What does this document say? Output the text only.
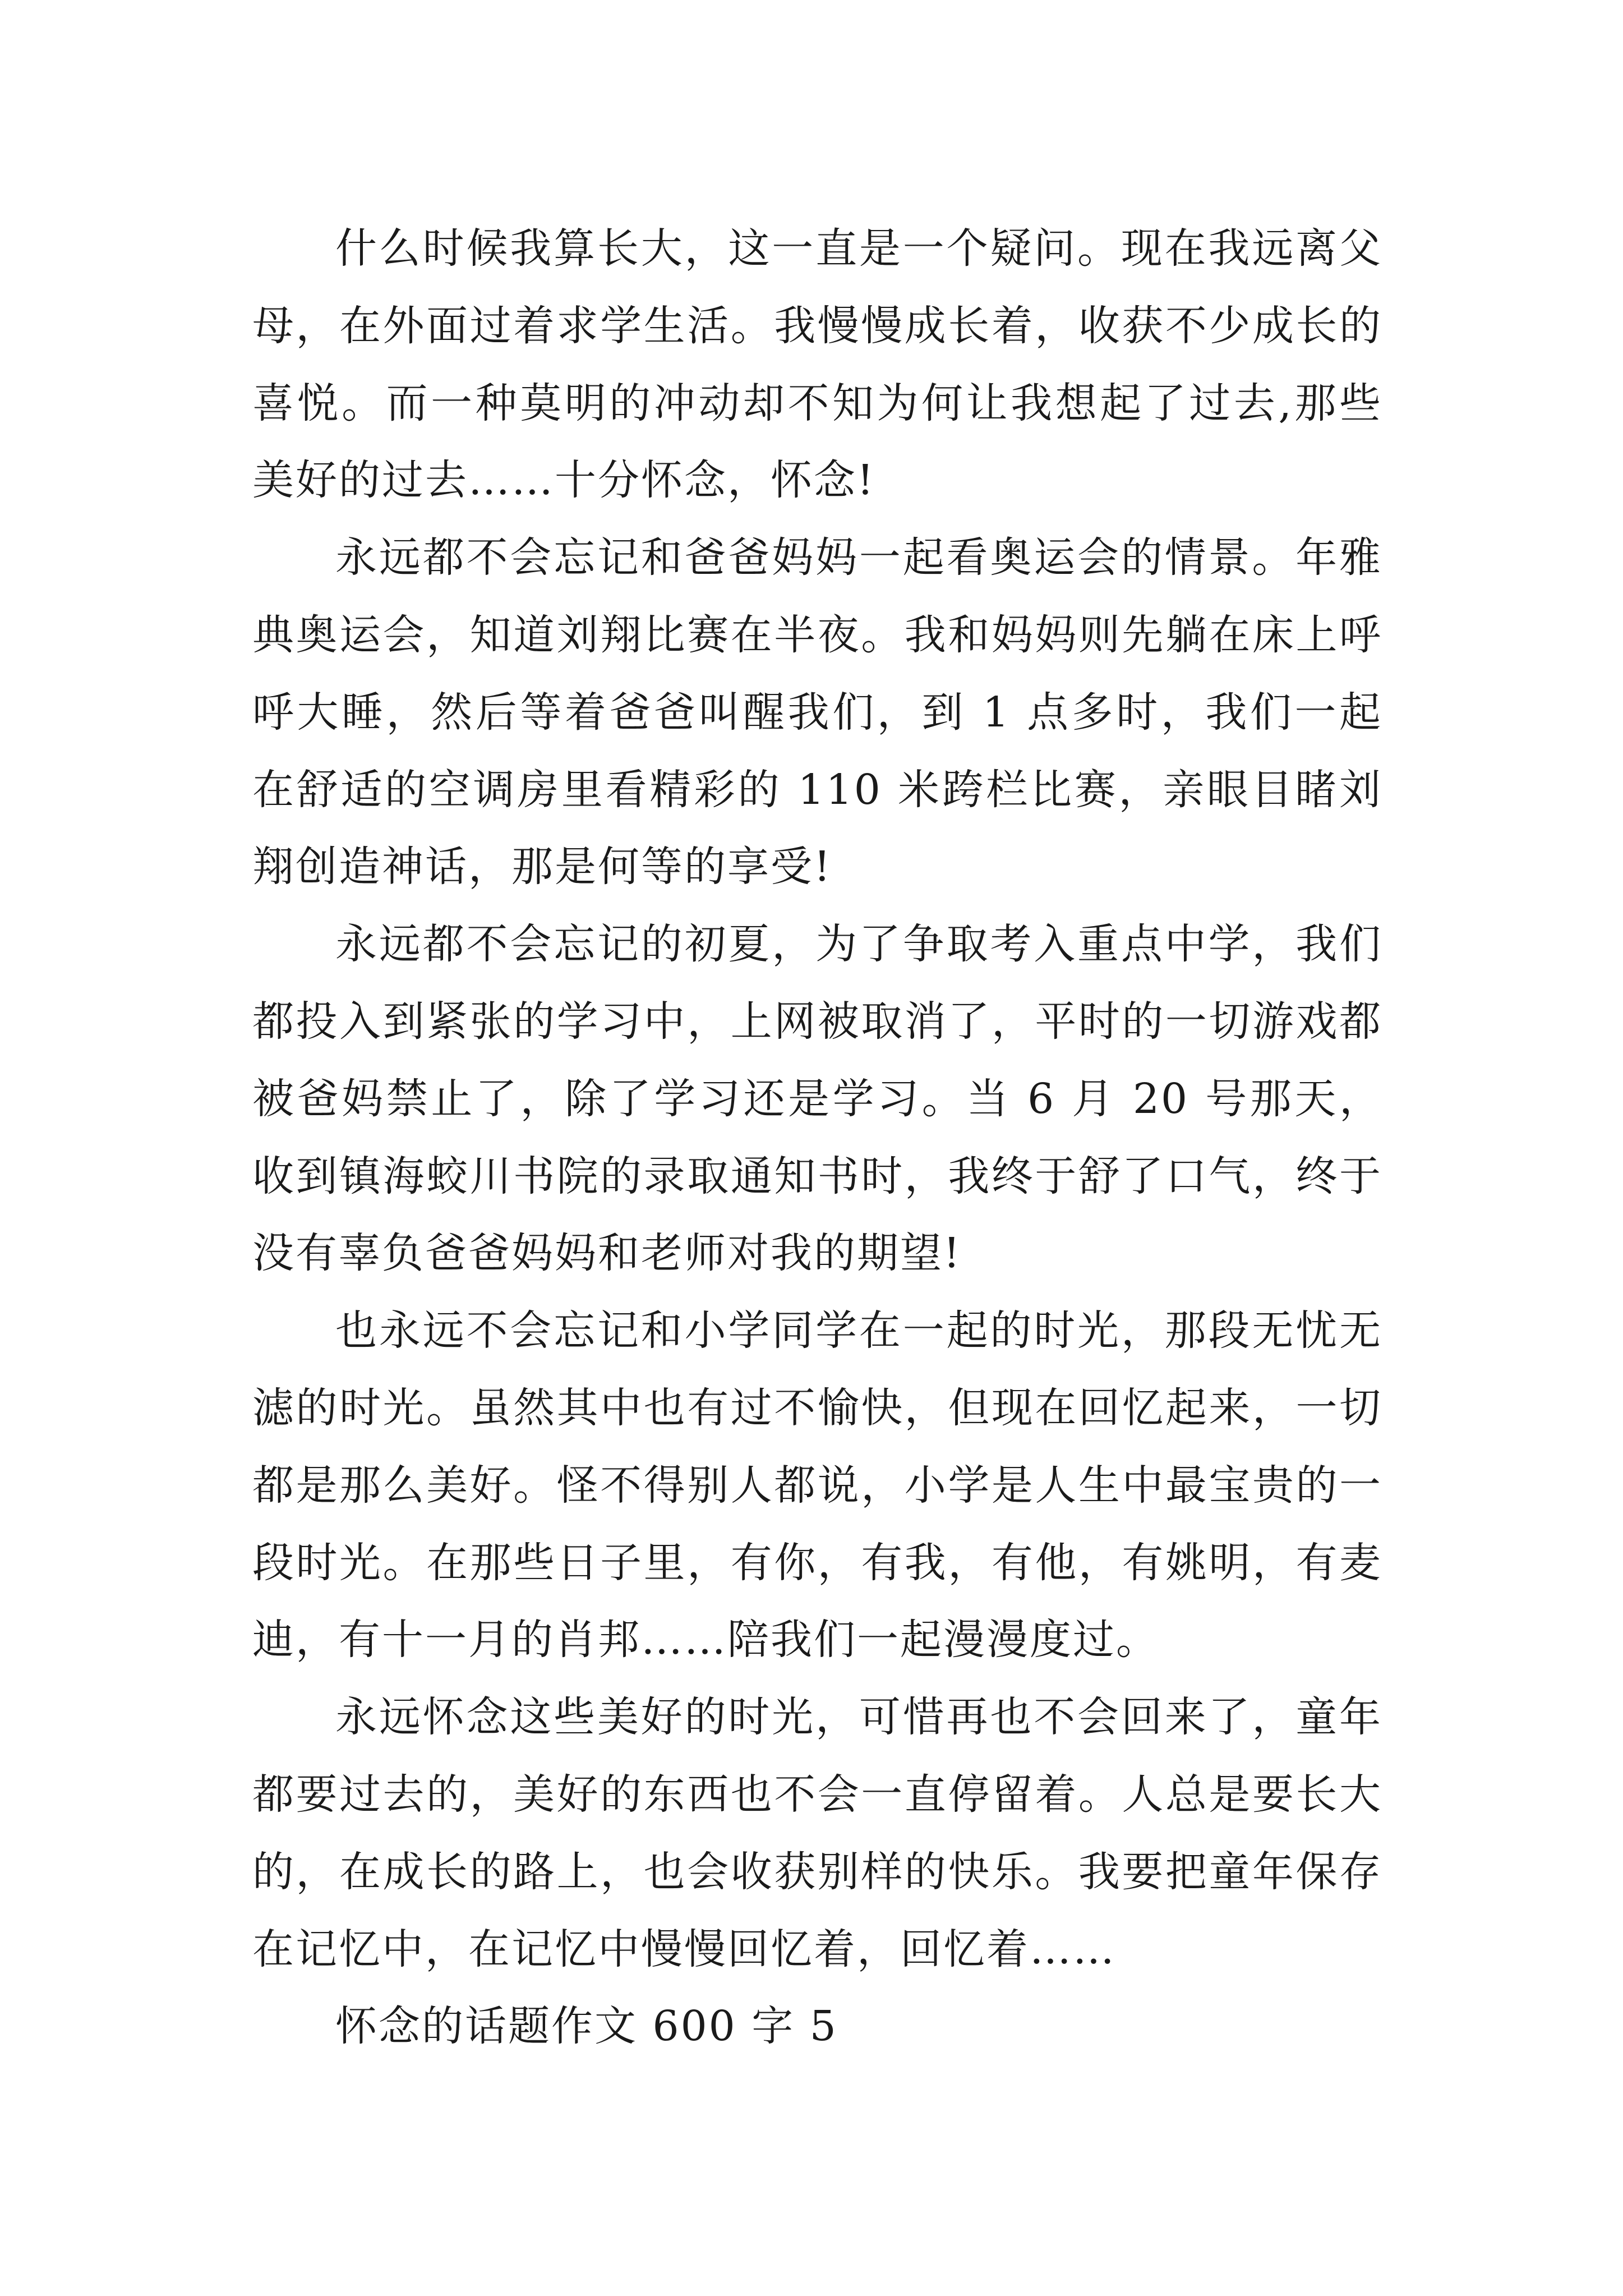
什么时候我算长大，这一直是一个疑问。现在我远离父母，在外面过着求学生活。我慢慢成长着，收获不少成长的喜悦。而一种莫明的冲动却不知为何让我想起了过去,那些美好的过去……十分怀念，怀念!

永远都不会忘记和爸爸妈妈一起看奥运会的情景。年雅典奥运会，知道刘翔比赛在半夜。我和妈妈则先躺在床上呼呼大睡，然后等着爸爸叫醒我们，到 1 点多时，我们一起在舒适的空调房里看精彩的 110 米跨栏比赛，亲眼目睹刘翔创造神话，那是何等的享受!

永远都不会忘记的初夏，为了争取考入重点中学，我们都投入到紧张的学习中，上网被取消了，平时的一切游戏都被爸妈禁止了，除了学习还是学习。当 6 月 20 号那天，收到镇海蛟川书院的录取通知书时，我终于舒了口气，终于没有辜负爸爸妈妈和老师对我的期望!

也永远不会忘记和小学同学在一起的时光，那段无忧无滤的时光。虽然其中也有过不愉快，但现在回忆起来，一切都是那么美好。怪不得别人都说，小学是人生中最宝贵的一段时光。在那些日子里，有你，有我，有他，有姚明，有麦迪，有十一月的肖邦……陪我们一起漫漫度过。

永远怀念这些美好的时光，可惜再也不会回来了，童年都要过去的，美好的东西也不会一直停留着。人总是要长大的，在成长的路上，也会收获别样的快乐。我要把童年保存在记忆中，在记忆中慢慢回忆着，回忆着……

怀念的话题作文 600 字 5
